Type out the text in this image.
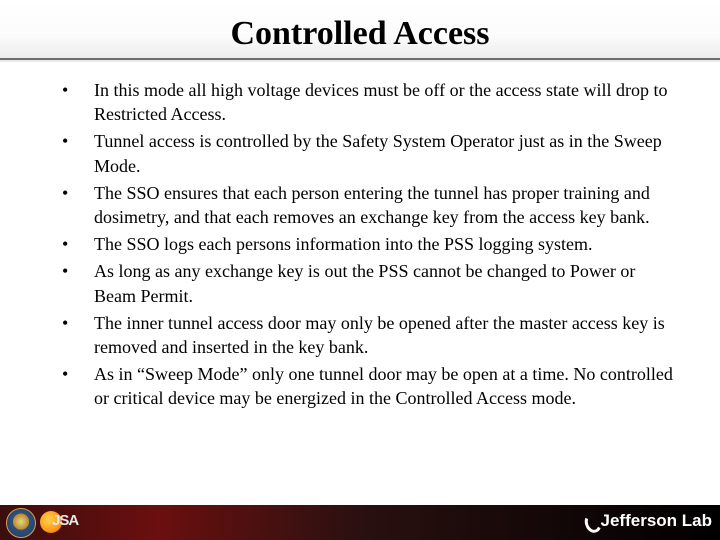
Controlled Access
•	In this mode all high voltage devices must be off or the access state will drop to Restricted Access.
•	Tunnel access is controlled by the Safety System Operator just as in the Sweep Mode.
•	The SSO ensures that each person entering the tunnel has proper training and dosimetry, and that each removes an exchange key from the access key bank.
•	The SSO logs each persons information into the PSS logging system.
•	As long as any exchange key is out the PSS cannot be changed to Power or Beam Permit.
•	The inner tunnel access door may only be opened after the master access key is removed and inserted in the key bank.
•	As in “Sweep Mode” only one tunnel door may be open at a time. No controlled or critical device may be energized in the Controlled Access mode.
JSA	Jefferson Lab
